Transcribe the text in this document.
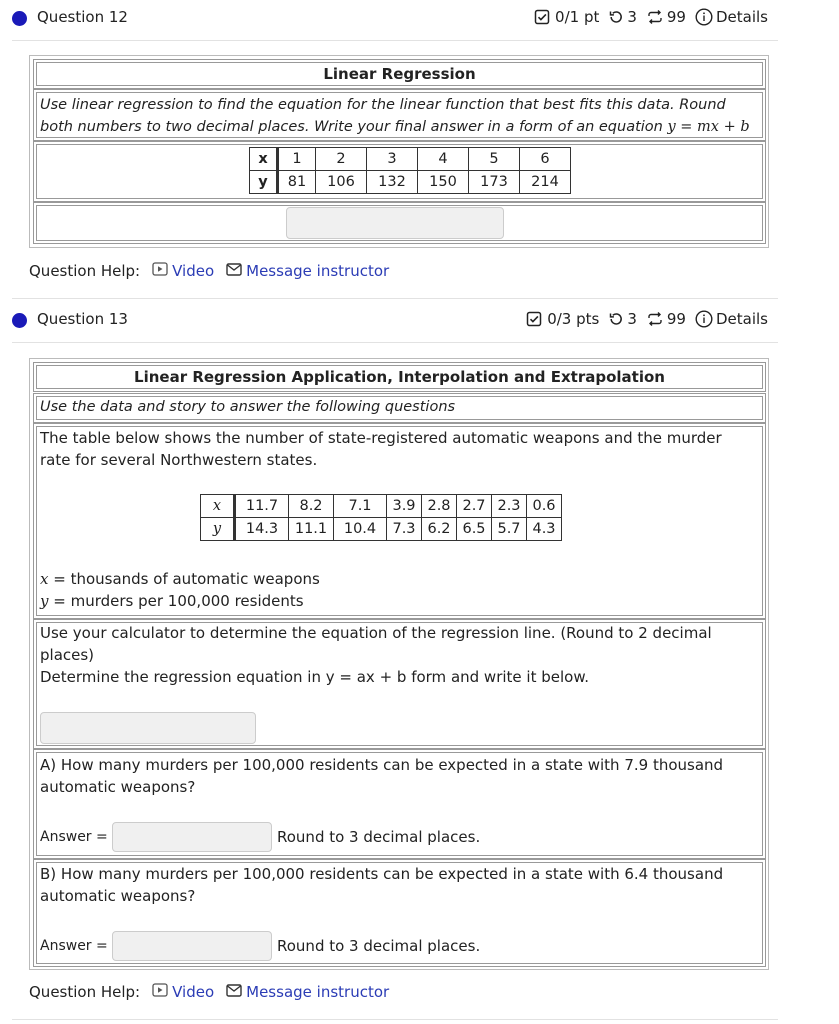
Question 12	0/1 pt 3 99 Details
Linear Regression
Use linear regression to find the equation for the linear function that best fits this data. Round both numbers to two decimal places. Write your final answer in a form of an equation y = mx + b
x	1	2	3	4	5	6
y	81	106	132	150	173	214
Question Help: Video Message instructor
Question 13	0/3 pts 3 99 Details
Linear Regression Application, Interpolation and Extrapolation
Use the data and story to answer the following questions
The table below shows the number of state-registered automatic weapons and the murder rate for several Northwestern states.
x	11.7	8.2	7.1	3.9	2.8	2.7	2.3	0.6
y	14.3	11.1	10.4	7.3	6.2	6.5	5.7	4.3
x = thousands of automatic weapons
y = murders per 100,000 residents
Use your calculator to determine the equation of the regression line. (Round to 2 decimal places)
Determine the regression equation in y = ax + b form and write it below.
A) How many murders per 100,000 residents can be expected in a state with 7.9 thousand automatic weapons?
Answer =	Round to 3 decimal places.
B) How many murders per 100,000 residents can be expected in a state with 6.4 thousand automatic weapons?
Answer =	Round to 3 decimal places.
Question Help: Video Message instructor
